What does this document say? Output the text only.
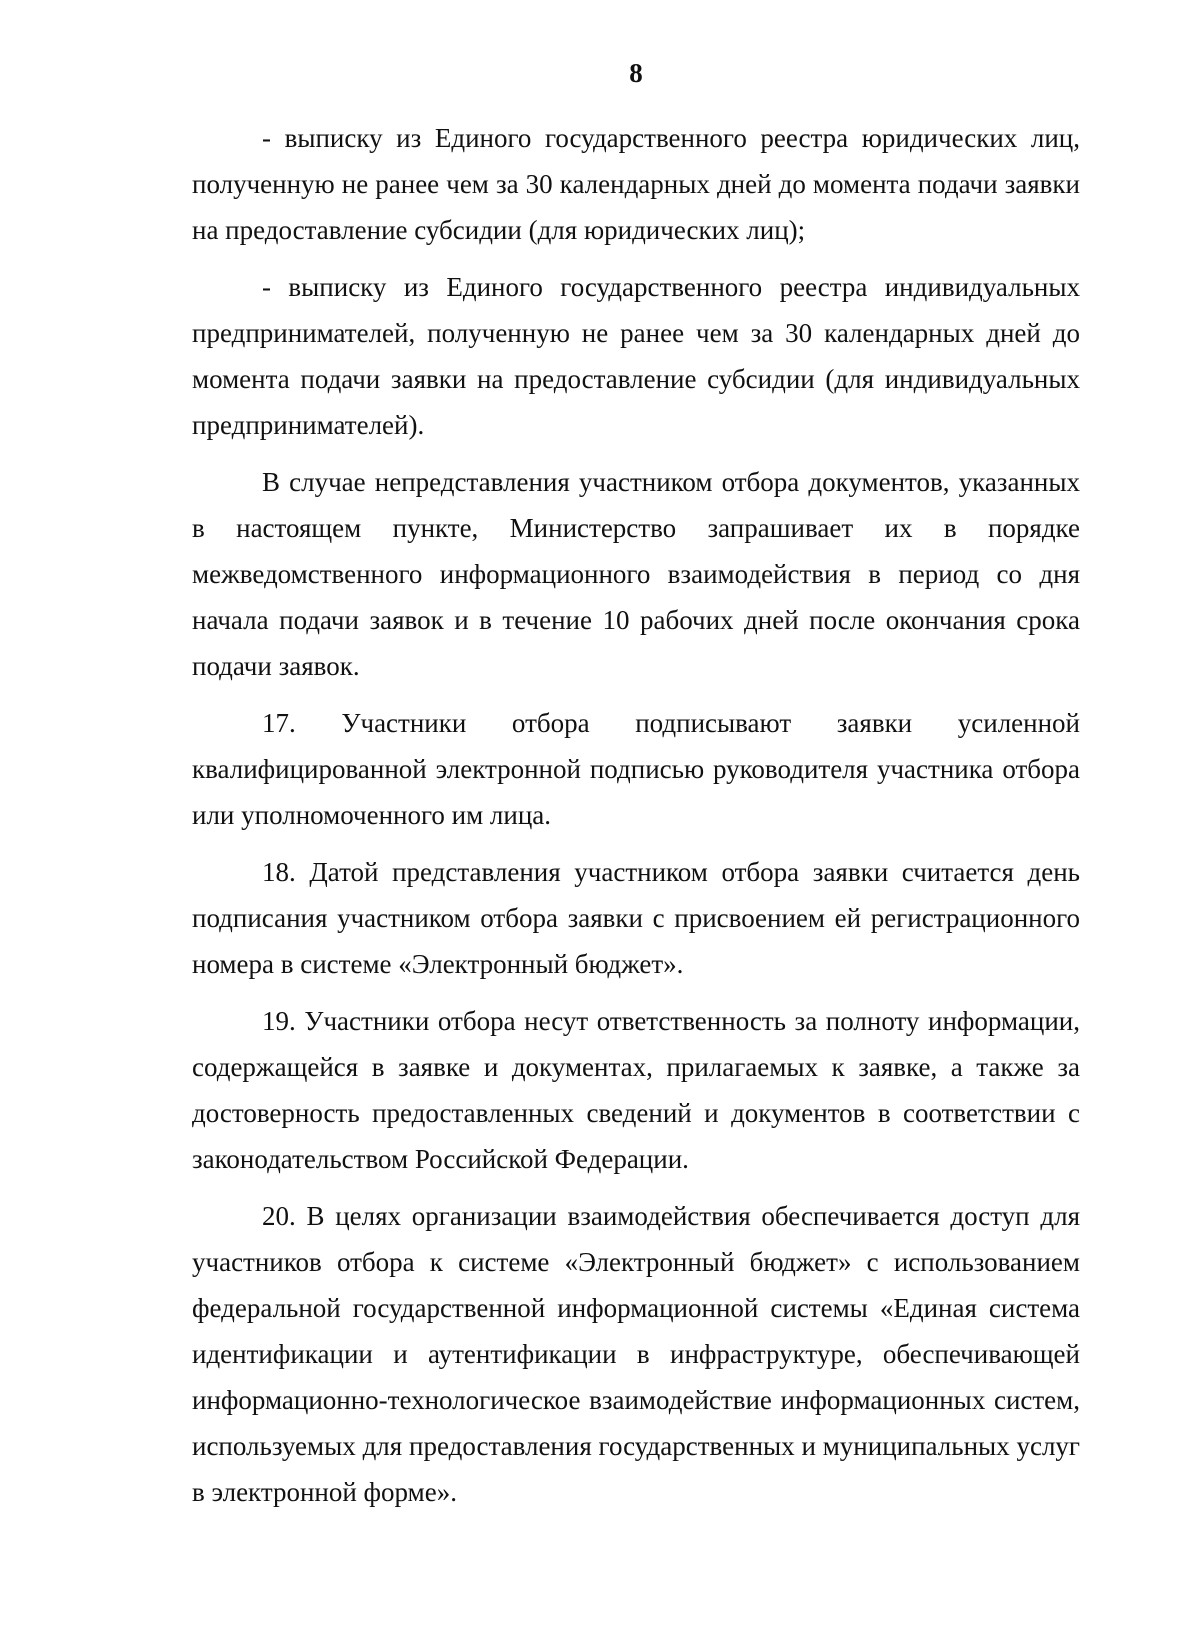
8

- выписку из Единого государственного реестра юридических лиц, полученную не ранее чем за 30 календарных дней до момента подачи заявки на предоставление субсидии (для юридических лиц);

- выписку из Единого государственного реестра индивидуальных предпринимателей, полученную не ранее чем за 30 календарных дней до момента подачи заявки на предоставление субсидии (для индивидуальных предпринимателей).

В случае непредставления участником отбора документов, указанных в настоящем пункте, Министерство запрашивает их в порядке межведомственного информационного взаимодействия в период со дня начала подачи заявок и в течение 10 рабочих дней после окончания срока подачи заявок.

17. Участники отбора подписывают заявки усиленной квалифицированной электронной подписью руководителя участника отбора или уполномоченного им лица.

18. Датой представления участником отбора заявки считается день подписания участником отбора заявки с присвоением ей регистрационного номера в системе «Электронный бюджет».

19. Участники отбора несут ответственность за полноту информации, содержащейся в заявке и документах, прилагаемых к заявке, а также за достоверность предоставленных сведений и документов в соответствии с законодательством Российской Федерации.

20. В целях организации взаимодействия обеспечивается доступ для участников отбора к системе «Электронный бюджет» с использованием федеральной государственной информационной системы «Единая система идентификации и аутентификации в инфраструктуре, обеспечивающей информационно-технологическое взаимодействие информационных систем, используемых для предоставления государственных и муниципальных услуг в электронной форме».
